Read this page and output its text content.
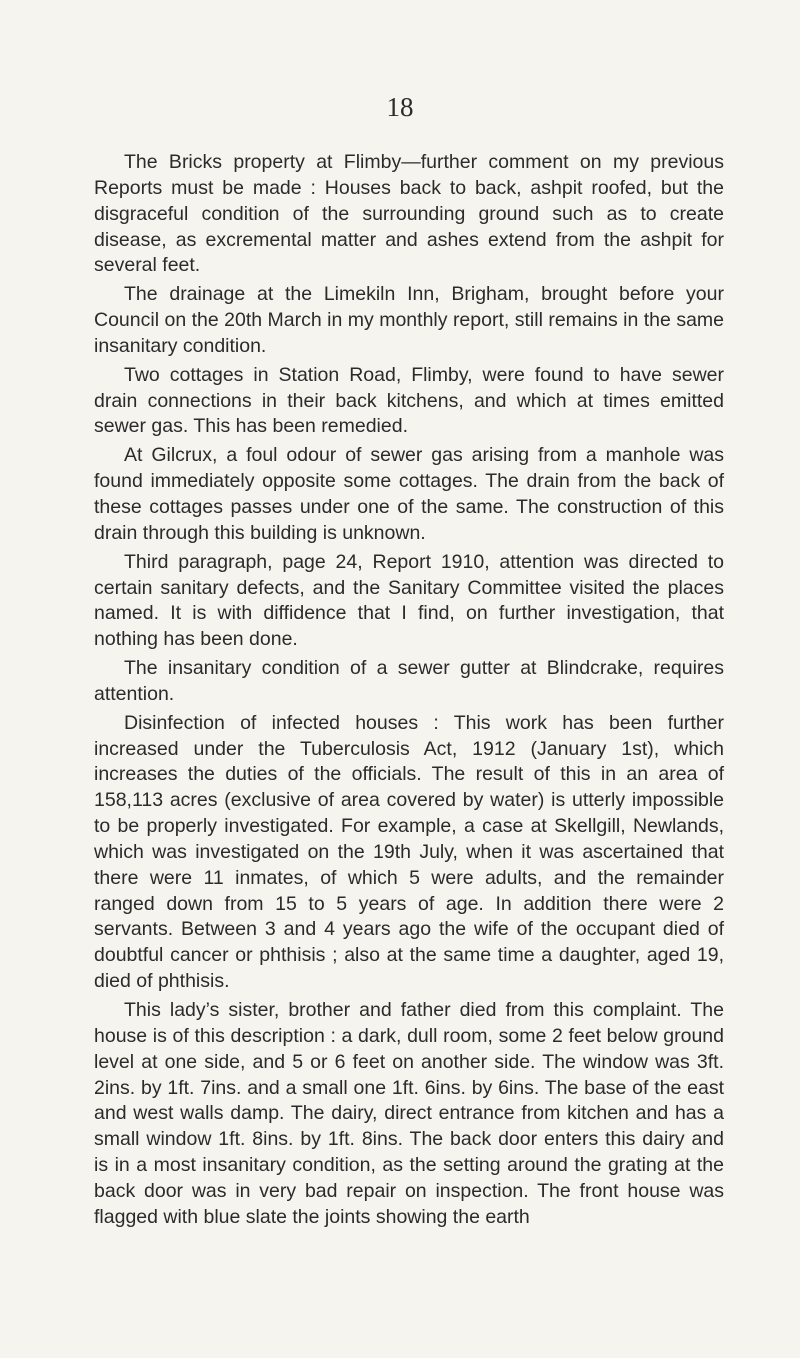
18

The Bricks property at Flimby—further comment on my previous Reports must be made : Houses back to back, ashpit roofed, but the disgraceful condition of the surrounding ground such as to create disease, as excremental matter and ashes extend from the ashpit for several feet.

The drainage at the Limekiln Inn, Brigham, brought before your Council on the 20th March in my monthly report, still remains in the same insanitary condition.

Two cottages in Station Road, Flimby, were found to have sewer drain connections in their back kitchens, and which at times emitted sewer gas. This has been remedied.

At Gilcrux, a foul odour of sewer gas arising from a manhole was found immediately opposite some cottages. The drain from the back of these cottages passes under one of the same. The construction of this drain through this building is unknown.

Third paragraph, page 24, Report 1910, attention was directed to certain sanitary defects, and the Sanitary Committee visited the places named. It is with diffidence that I find, on further investigation, that nothing has been done.

The insanitary condition of a sewer gutter at Blindcrake, requires attention.

Disinfection of infected houses : This work has been further increased under the Tuberculosis Act, 1912 (January 1st), which increases the duties of the officials. The result of this in an area of 158,113 acres (exclusive of area covered by water) is utterly impossible to be properly investigated. For example, a case at Skellgill, Newlands, which was investigated on the 19th July, when it was ascertained that there were 11 inmates, of which 5 were adults, and the remainder ranged down from 15 to 5 years of age. In addition there were 2 servants. Between 3 and 4 years ago the wife of the occupant died of doubtful cancer or phthisis ; also at the same time a daughter, aged 19, died of phthisis.

This lady’s sister, brother and father died from this complaint. The house is of this description : a dark, dull room, some 2 feet below ground level at one side, and 5 or 6 feet on another side. The window was 3ft. 2ins. by 1ft. 7ins. and a small one 1ft. 6ins. by 6ins. The base of the east and west walls damp. The dairy, direct entrance from kitchen and has a small window 1ft. 8ins. by 1ft. 8ins. The back door enters this dairy and is in a most insanitary condition, as the setting around the grating at the back door was in very bad repair on inspection. The front house was flagged with blue slate the joints showing the earth
